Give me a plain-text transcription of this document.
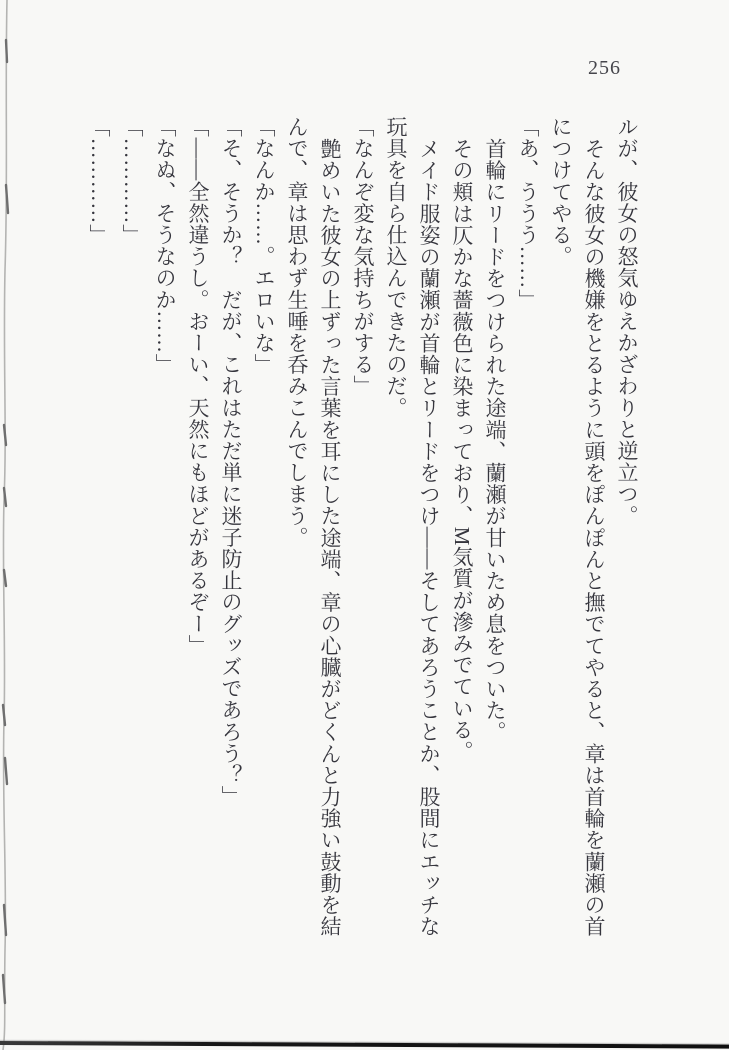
256
ルが、彼女の怒気ゆえかざわりと逆立つ。
そんな彼女の機嫌をとるように頭をぽんぽんと撫でてやると、章は首輪を蘭瀬の首
につけてやる。
「あ、ううう……」
首輪にリードをつけられた途端、蘭瀬が甘いため息をついた。
その頬は仄かな薔薇色に染まっており、M気質が滲みでている。
メイド服姿の蘭瀬が首輪とリードをつけ――そしてあろうことか、股間にエッチな
玩具を自ら仕込んできたのだ。
「なんぞ変な気持ちがする」
艶めいた彼女の上ずった言葉を耳にした途端、章の心臓がどくんと力強い鼓動を結
んで、章は思わず生唾を呑みこんでしまう。
「なんか……。エロいな」
「そ、そうか？　だが、これはただ単に迷子防止のグッズであろう？」
「――全然違うし。おーい、天然にもほどがあるぞー」
「なぬ、そうなのか……」
「…………」
「…………」
